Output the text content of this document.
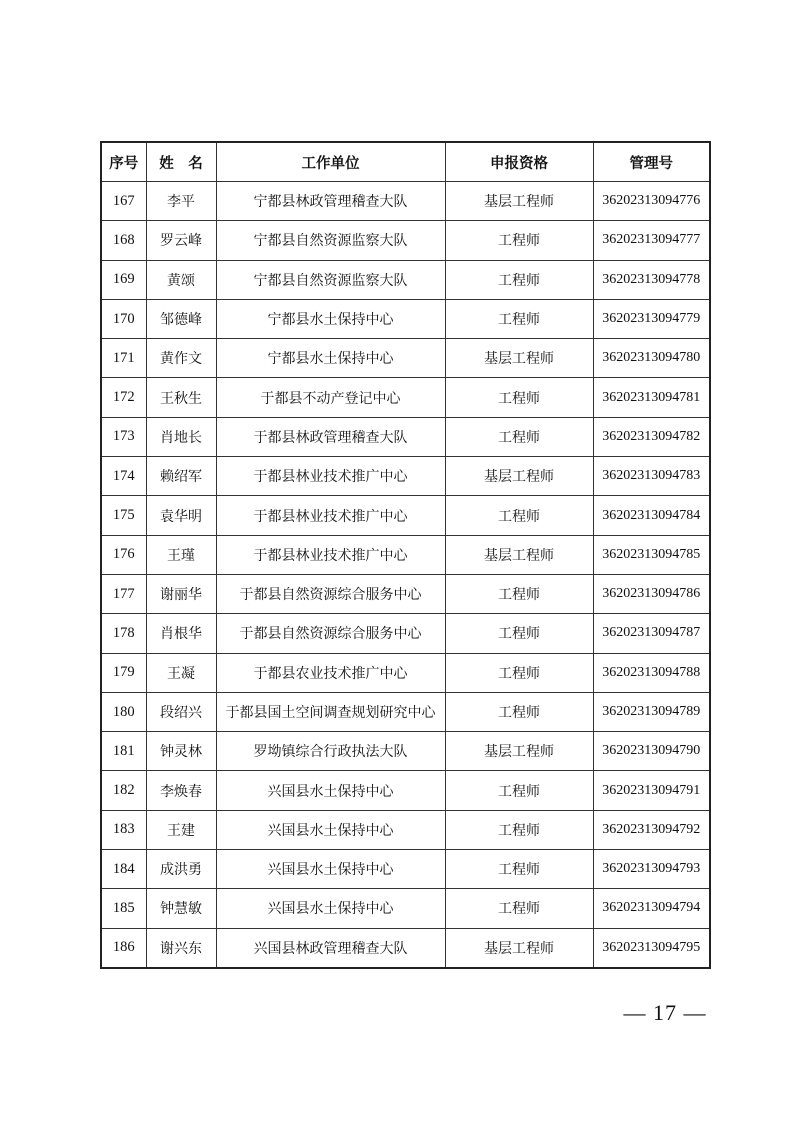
序号	姓　名	工作单位	申报资格	管理号
167	李平	宁都县林政管理稽查大队	基层工程师	36202313094776
168	罗云峰	宁都县自然资源监察大队	工程师	36202313094777
169	黄颂	宁都县自然资源监察大队	工程师	36202313094778
170	邹德峰	宁都县水土保持中心	工程师	36202313094779
171	黄作文	宁都县水土保持中心	基层工程师	36202313094780
172	王秋生	于都县不动产登记中心	工程师	36202313094781
173	肖地长	于都县林政管理稽查大队	工程师	36202313094782
174	赖绍军	于都县林业技术推广中心	基层工程师	36202313094783
175	袁华明	于都县林业技术推广中心	工程师	36202313094784
176	王瑾	于都县林业技术推广中心	基层工程师	36202313094785
177	谢丽华	于都县自然资源综合服务中心	工程师	36202313094786
178	肖根华	于都县自然资源综合服务中心	工程师	36202313094787
179	王凝	于都县农业技术推广中心	工程师	36202313094788
180	段绍兴	于都县国土空间调查规划研究中心	工程师	36202313094789
181	钟灵林	罗坳镇综合行政执法大队	基层工程师	36202313094790
182	李焕春	兴国县水土保持中心	工程师	36202313094791
183	王建	兴国县水土保持中心	工程师	36202313094792
184	成洪勇	兴国县水土保持中心	工程师	36202313094793
185	钟慧敏	兴国县水土保持中心	工程师	36202313094794
186	谢兴东	兴国县林政管理稽查大队	基层工程师	36202313094795
— 17 —
